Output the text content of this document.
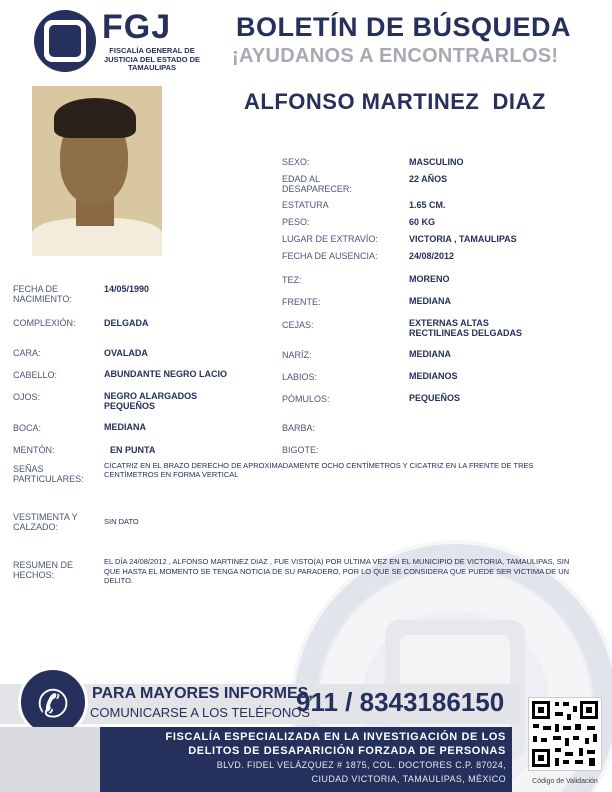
FGJ
FISCALÍA GENERAL DE JUSTICIA DEL ESTADO DE TAMAULIPAS
BOLETÍN DE BÚSQUEDA
¡AYUDANOS A ENCONTRARLOS!
ALFONSO MARTINEZ  DIAZ
SEXO:	MASCULINO
EDAD AL DESAPARECER:
22 AÑOS
ESTATURA	1.65 CM.
PESO:	60 KG
LUGAR DE EXTRAVÍO:	VICTORIA , TAMAULIPAS
FECHA DE AUSENCIA:	24/08/2012
TEZ:	MORENO
FRENTE:	MEDIANA
CEJAS:	EXTERNAS ALTAS RECTILINEAS DELGADAS
NARÍZ:	MEDIANA
LABIOS:	MEDIANOS
PÓMULOS:	PEQUEÑOS
BARBA:
BIGOTE:
FECHA DE NACIMIENTO:
14/05/1990
COMPLEXIÓN:	DELGADA
CARA:	OVALADA
CABELLO:	ABUNDANTE NEGRO LACIO
OJOS:	NEGRO ALARGADOS PEQUEÑOS
BOCA:	MEDIANA
MENTÓN:	EN PUNTA
SEÑAS PARTICULARES:
CICATRIZ EN EL BRAZO DERECHO DE APROXIMADAMENTE OCHO CENTÍMETROS Y CICATRIZ EN LA FRENTE DE TRES CENTÍMETROS EN FORMA VERTICAL
VESTIMENTA Y CALZADO:
SIN DATO
RESUMEN DE HECHOS:
EL DÍA 24/08/2012 , ALFONSO MARTINEZ DIAZ , FUE VISTO(A) POR ULTIMA VEZ EN EL MUNICIPIO DE VICTORIA, TAMAULIPAS, SIN QUE HASTA EL MOMENTO SE TENGA NOTICIA DE SU PARADERO, POR LO QUE SE CONSIDERA QUE PUEDE SER VICTIMA DE UN DELITO.
✆	PARA MAYORES INFORMES,
COMUNICARSE A LOS TELÉFONOS
911 / 8343186150
FISCALÍA ESPECIALIZADA EN LA INVESTIGACIÓN DE LOS
DELITOS DE DESAPARICIÓN FORZADA DE PERSONAS
BLVD. FIDEL VELÁZQUEZ # 1875, COL. DOCTORES C.P. 87024,
CIUDAD VICTORIA, TAMAULIPAS, MÉXICO	Código de Validación
